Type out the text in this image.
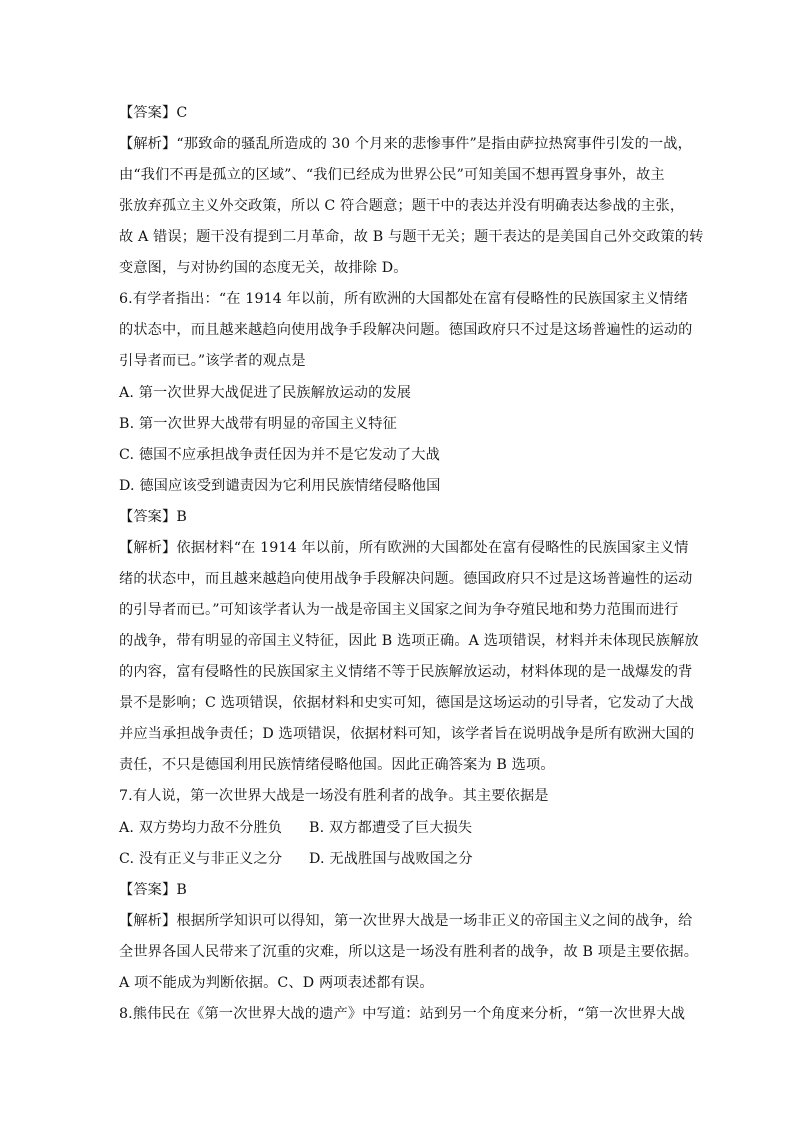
【答案】C
【解析】“那致命的骚乱所造成的 30 个月来的悲惨事件”是指由萨拉热窝事件引发的一战，
由“我们不再是孤立的区域”、“我们已经成为世界公民”可知美国不想再置身事外，故主
张放弃孤立主义外交政策，所以 C 符合题意；题干中的表达并没有明确表达参战的主张，
故 A 错误；题干没有提到二月革命，故 B 与题干无关；题干表达的是美国自己外交政策的转
变意图，与对协约国的态度无关，故排除 D。
6.有学者指出：“在 1914 年以前，所有欧洲的大国都处在富有侵略性的民族国家主义情绪
的状态中，而且越来越趋向使用战争手段解决问题。德国政府只不过是这场普遍性的运动的
引导者而已。”该学者的观点是
A. 第一次世界大战促进了民族解放运动的发展
B. 第一次世界大战带有明显的帝国主义特征
C. 德国不应承担战争责任因为并不是它发动了大战
D. 德国应该受到谴责因为它利用民族情绪侵略他国
【答案】B
【解析】依据材料“在 1914 年以前，所有欧洲的大国都处在富有侵略性的民族国家主义情
绪的状态中，而且越来越趋向使用战争手段解决问题。德国政府只不过是这场普遍性的运动
的引导者而已。”可知该学者认为一战是帝国主义国家之间为争夺殖民地和势力范围而进行
的战争，带有明显的帝国主义特征，因此 B 选项正确。A 选项错误，材料并未体现民族解放
的内容，富有侵略性的民族国家主义情绪不等于民族解放运动，材料体现的是一战爆发的背
景不是影响；C 选项错误，依据材料和史实可知，德国是这场运动的引导者，它发动了大战
并应当承担战争责任；D 选项错误，依据材料可知，该学者旨在说明战争是所有欧洲大国的
责任，不只是德国利用民族情绪侵略他国。因此正确答案为 B 选项。
7.有人说，第一次世界大战是一场没有胜利者的战争。其主要依据是
A. 双方势均力敌不分胜负 B. 双方都遭受了巨大损失
C. 没有正义与非正义之分 D. 无战胜国与战败国之分
【答案】B
【解析】根据所学知识可以得知，第一次世界大战是一场非正义的帝国主义之间的战争，给
全世界各国人民带来了沉重的灾难，所以这是一场没有胜利者的战争，故 B 项是主要依据。
A 项不能成为判断依据。C、D 两项表述都有误。
8.熊伟民在《第一次世界大战的遗产》中写道：站到另一个角度来分析，“第一次世界大战
